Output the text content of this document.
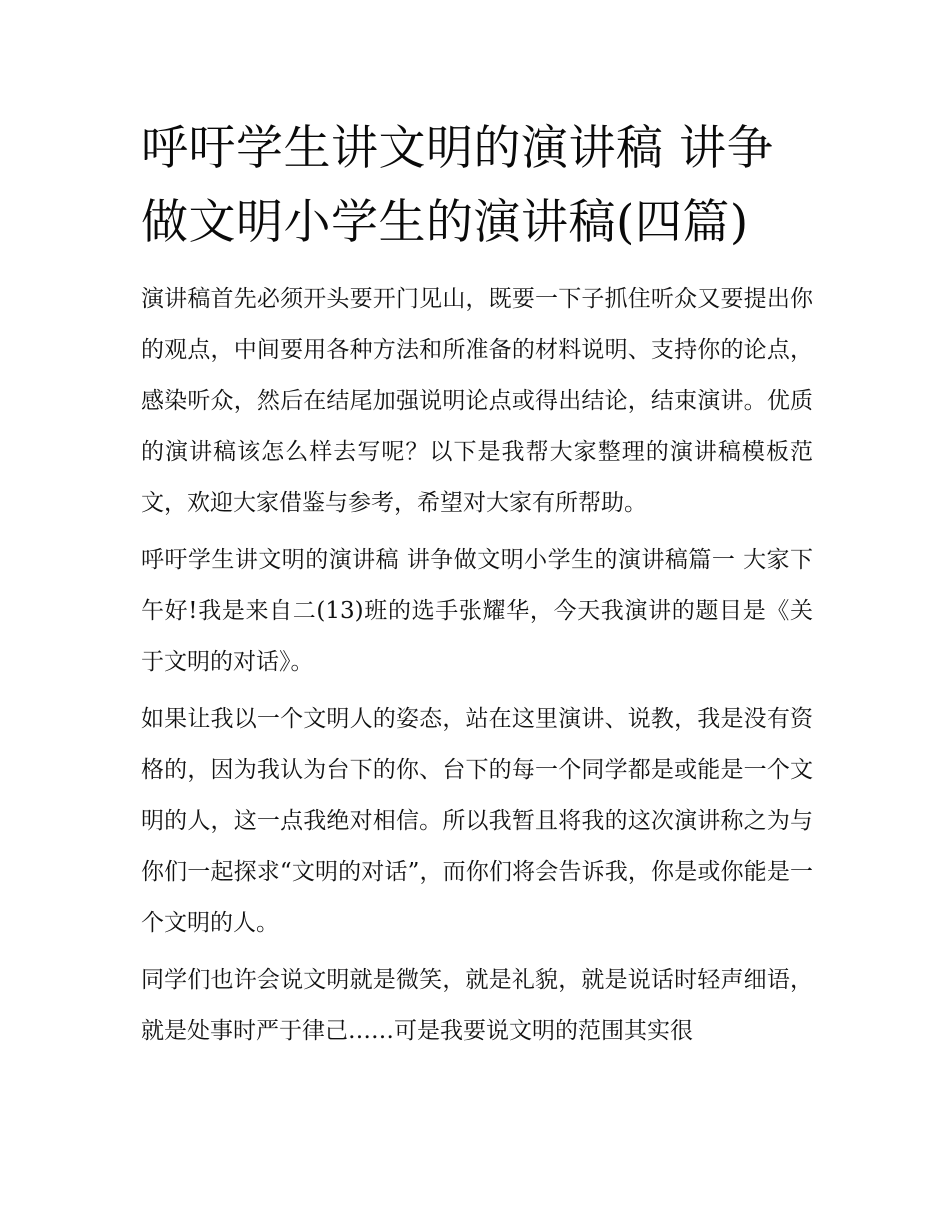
呼吁学生讲文明的演讲稿 讲争做文明小学生的演讲稿(四篇)

演讲稿首先必须开头要开门见山，既要一下子抓住听众又要提出你的观点，中间要用各种方法和所准备的材料说明、支持你的论点，感染听众，然后在结尾加强说明论点或得出结论，结束演讲。优质的演讲稿该怎么样去写呢？以下是我帮大家整理的演讲稿模板范文，欢迎大家借鉴与参考，希望对大家有所帮助。

呼吁学生讲文明的演讲稿 讲争做文明小学生的演讲稿篇一 大家下午好!我是来自二(13)班的选手张耀华，今天我演讲的题目是《关于文明的对话》。

如果让我以一个文明人的姿态，站在这里演讲、说教，我是没有资格的，因为我认为台下的你、台下的每一个同学都是或能是一个文明的人，这一点我绝对相信。所以我暂且将我的这次演讲称之为与你们一起探求“文明的对话”，而你们将会告诉我，你是或你能是一个文明的人。

同学们也许会说文明就是微笑，就是礼貌，就是说话时轻声细语，就是处事时严于律己……可是我要说文明的范围其实很
